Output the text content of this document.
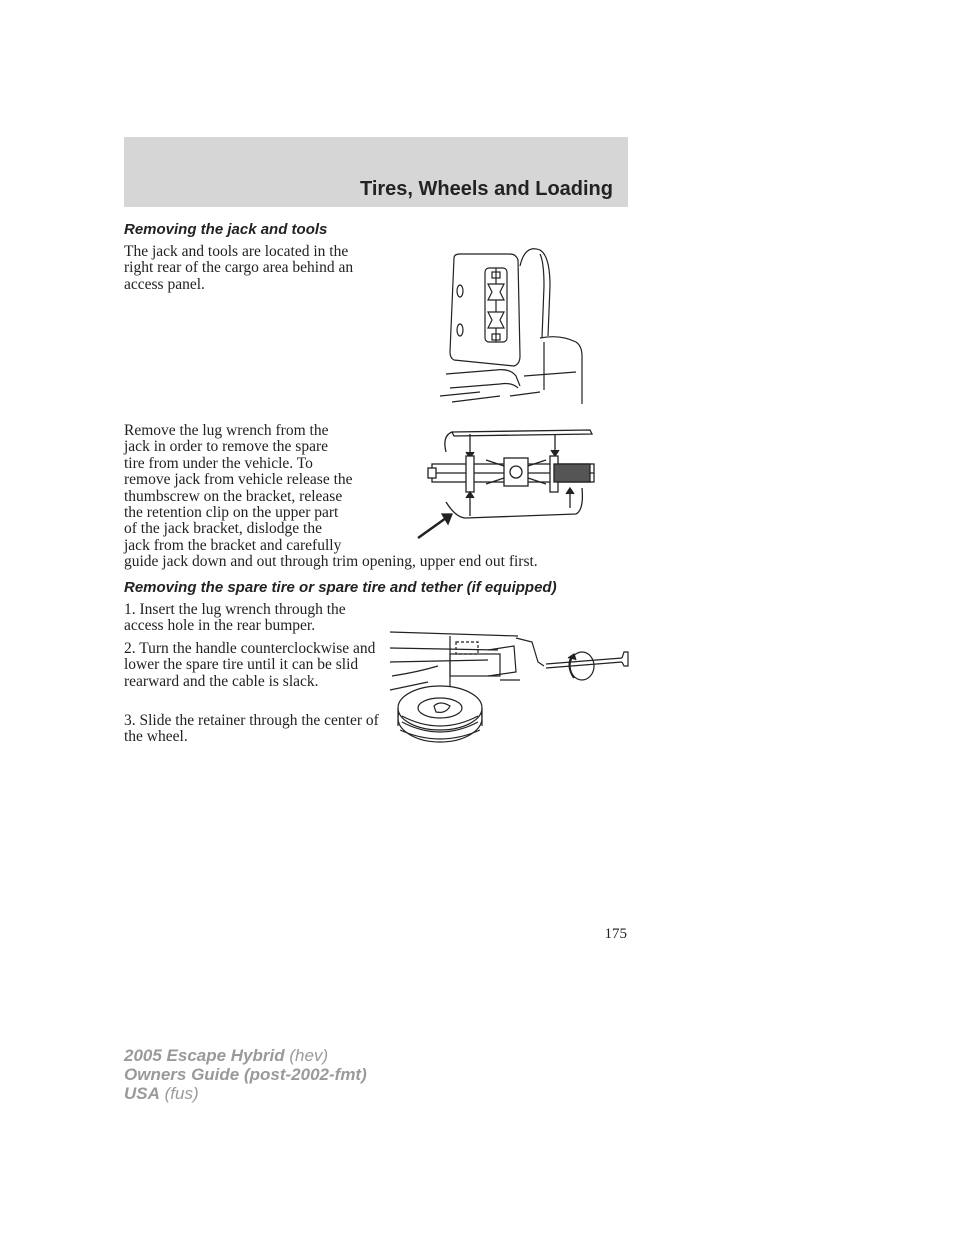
Tires, Wheels and Loading
Removing the jack and tools
The jack and tools are located in the right rear of the cargo area behind an access panel.
Remove the lug wrench from the
jack in order to remove the spare
tire from under the vehicle. To
remove jack from vehicle release the
thumbscrew on the bracket, release
the retention clip on the upper part
of the jack bracket, dislodge the
jack from the bracket and carefully
guide jack down and out through trim opening, upper end out first.
Removing the spare tire or spare tire and tether (if equipped)
1. Insert the lug wrench through the access hole in the rear bumper.
2. Turn the handle counterclockwise and lower the spare tire until it can be slid rearward and the cable is slack.
3. Slide the retainer through the center of the wheel.
175
2005 Escape Hybrid (hev)
Owners Guide (post-2002-fmt)
USA (fus)
